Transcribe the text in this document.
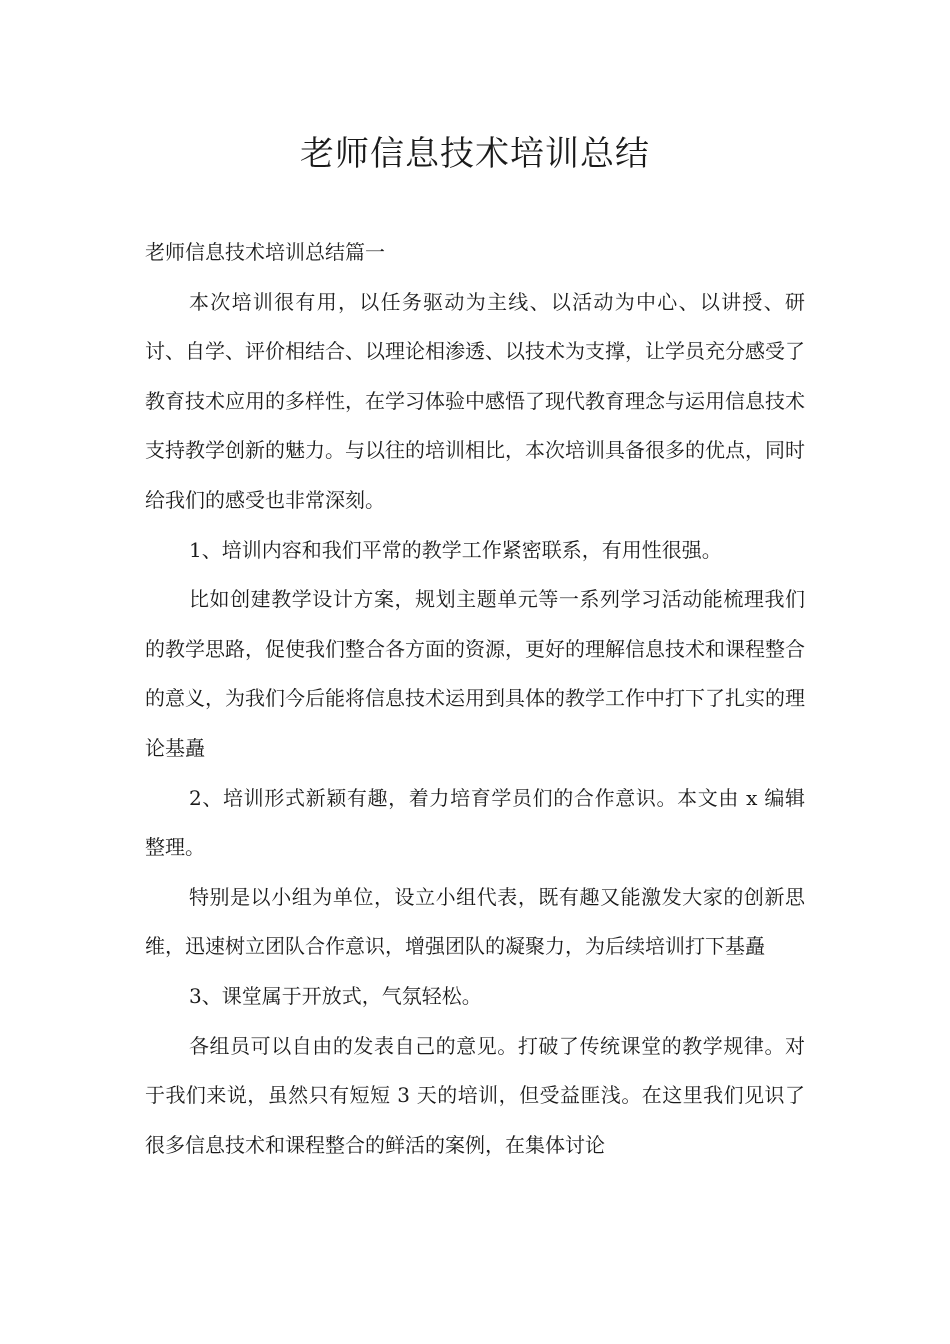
老师信息技术培训总结

老师信息技术培训总结篇一

本次培训很有用，以任务驱动为主线、以活动为中心、以讲授、研讨、自学、评价相结合、以理论相渗透、以技术为支撑，让学员充分感受了教育技术应用的多样性，在学习体验中感悟了现代教育理念与运用信息技术支持教学创新的魅力。与以往的培训相比，本次培训具备很多的优点，同时给我们的感受也非常深刻。

1、培训内容和我们平常的教学工作紧密联系，有用性很强。

比如创建教学设计方案，规划主题单元等一系列学习活动能梳理我们的教学思路，促使我们整合各方面的资源，更好的理解信息技术和课程整合的意义，为我们今后能将信息技术运用到具体的教学工作中打下了扎实的理论基矗

2、培训形式新颖有趣，着力培育学员们的合作意识。本文由 x 编辑整理。

特别是以小组为单位，设立小组代表，既有趣又能激发大家的创新思维，迅速树立团队合作意识，增强团队的凝聚力，为后续培训打下基矗

3、课堂属于开放式，气氛轻松。

各组员可以自由的发表自己的意见。打破了传统课堂的教学规律。对于我们来说，虽然只有短短 3 天的培训，但受益匪浅。在这里我们见识了很多信息技术和课程整合的鲜活的案例，在集体讨论
